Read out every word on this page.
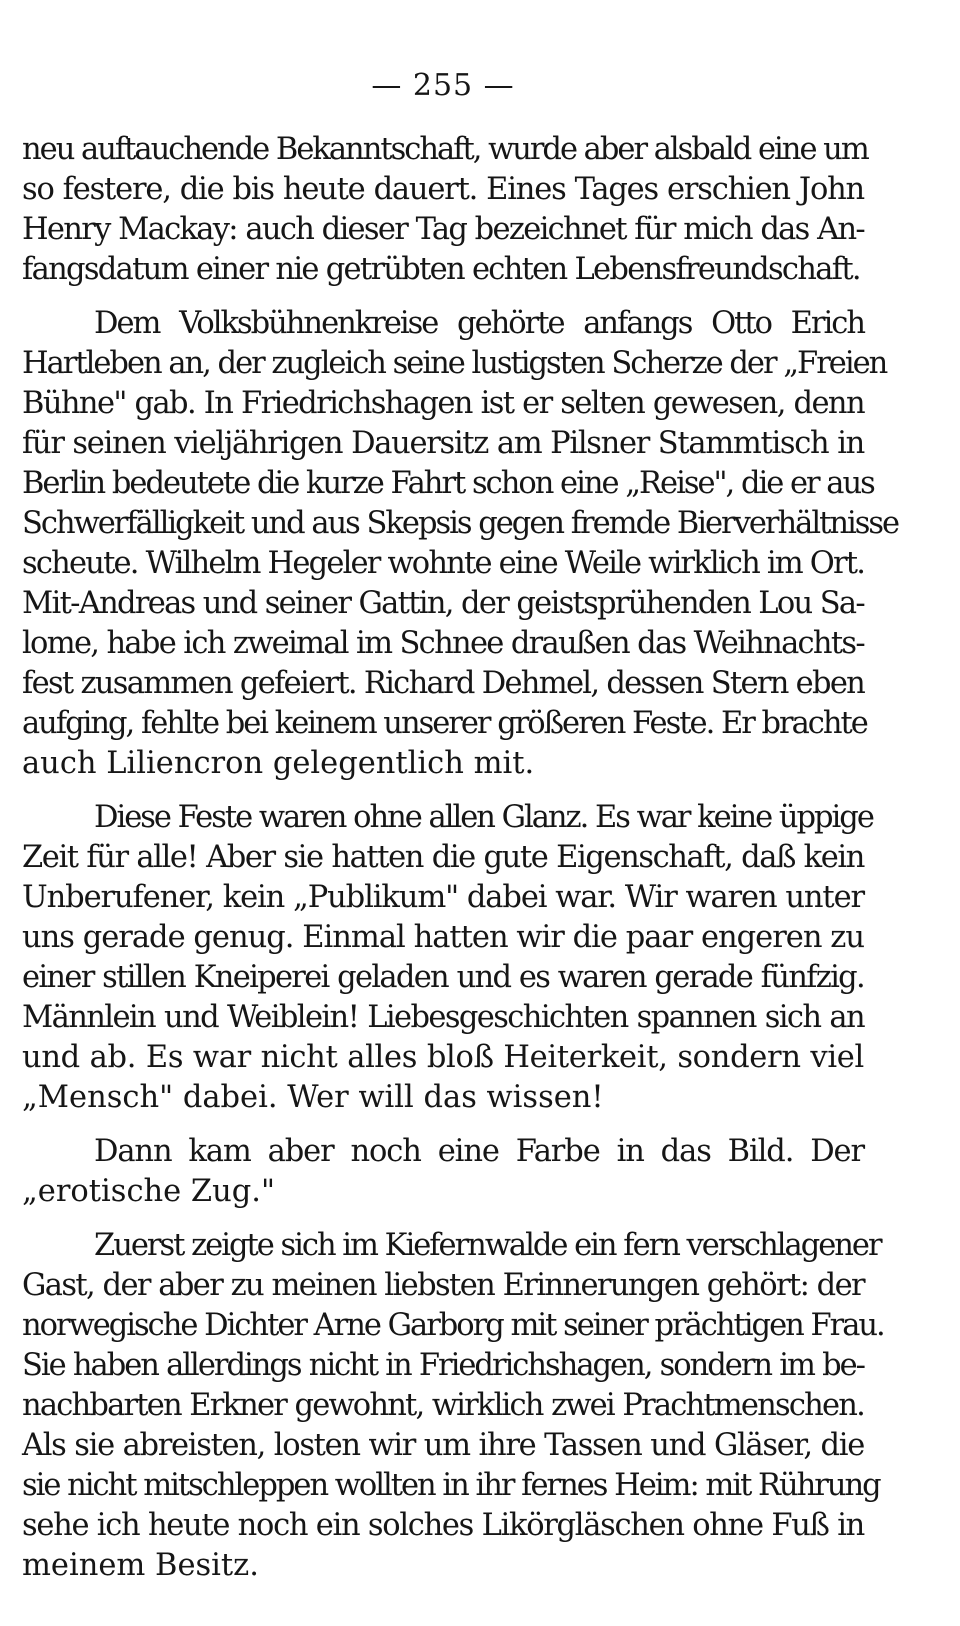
— 255 —
neu auftauchende Bekanntschaft, wurde aber alsbald eine um
so festere, die bis heute dauert. Eines Tages erschien John
Henry Mackay: auch dieser Tag bezeichnet für mich das An-
fangsdatum einer nie getrübten echten Lebensfreundschaft.
Dem Volksbühnenkreise gehörte anfangs Otto Erich
Hartleben an, der zugleich seine lustigsten Scherze der „Freien
Bühne" gab. In Friedrichshagen ist er selten gewesen, denn
für seinen vieljährigen Dauersitz am Pilsner Stammtisch in
Berlin bedeutete die kurze Fahrt schon eine „Reise", die er aus
Schwerfälligkeit und aus Skepsis gegen fremde Bierverhältnisse
scheute. Wilhelm Hegeler wohnte eine Weile wirklich im Ort.
Mit-Andreas und seiner Gattin, der geistsprühenden Lou Sa-
lome, habe ich zweimal im Schnee draußen das Weihnachts-
fest zusammen gefeiert. Richard Dehmel, dessen Stern eben
aufging, fehlte bei keinem unserer größeren Feste. Er brachte
auch Liliencron gelegentlich mit.
Diese Feste waren ohne allen Glanz. Es war keine üppige
Zeit für alle! Aber sie hatten die gute Eigenschaft, daß kein
Unberufener, kein „Publikum" dabei war. Wir waren unter
uns gerade genug. Einmal hatten wir die paar engeren zu
einer stillen Kneiperei geladen und es waren gerade fünfzig.
Männlein und Weiblein! Liebesgeschichten spannen sich an
und ab. Es war nicht alles bloß Heiterkeit, sondern viel
„Mensch" dabei. Wer will das wissen!
Dann kam aber noch eine Farbe in das Bild. Der
„erotische Zug."
Zuerst zeigte sich im Kiefernwalde ein fern verschlagener
Gast, der aber zu meinen liebsten Erinnerungen gehört: der
norwegische Dichter Arne Garborg mit seiner prächtigen Frau.
Sie haben allerdings nicht in Friedrichshagen, sondern im be-
nachbarten Erkner gewohnt, wirklich zwei Prachtmenschen.
Als sie abreisten, losten wir um ihre Tassen und Gläser, die
sie nicht mitschleppen wollten in ihr fernes Heim: mit Rührung
sehe ich heute noch ein solches Likörgläschen ohne Fuß in
meinem Besitz.
